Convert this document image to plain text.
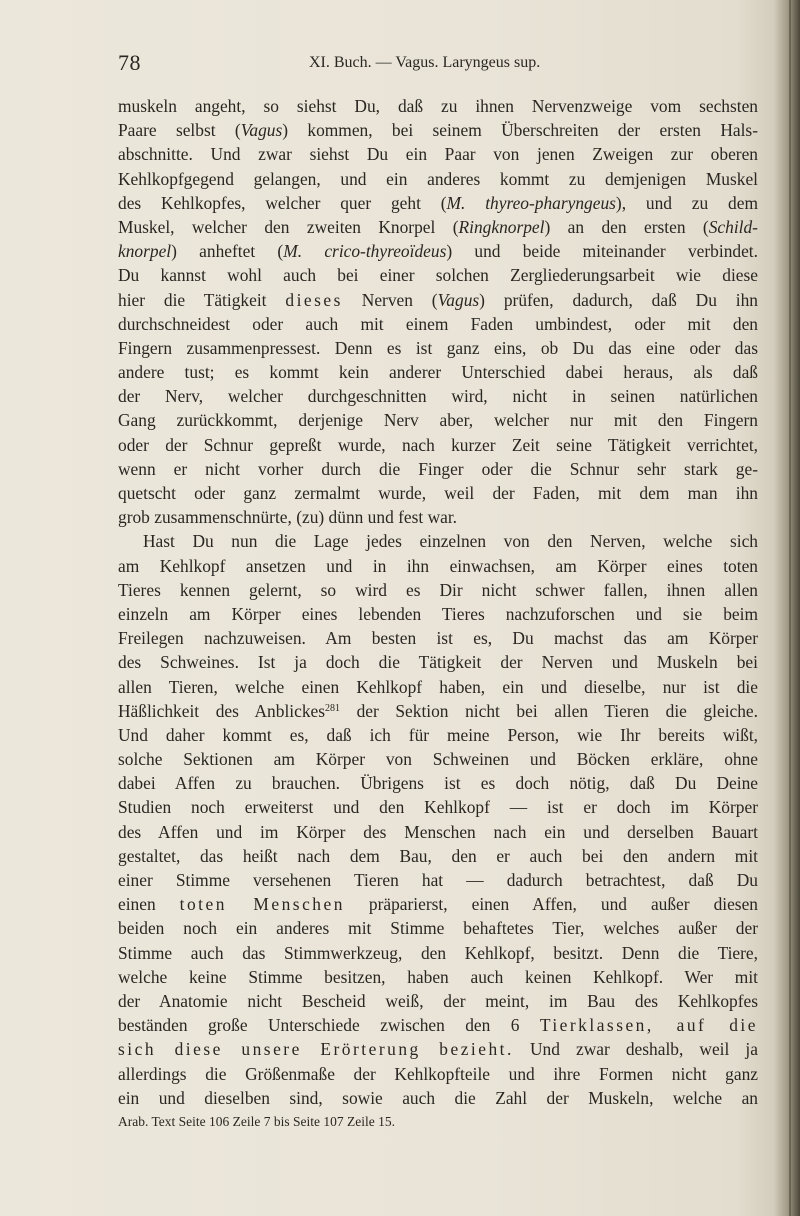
78	XI. Buch. — Vagus. Laryngeus sup.
muskeln angeht, so siehst Du, daß zu ihnen Nervenzweige vom sechsten
Paare selbst (Vagus) kommen, bei seinem Überschreiten der ersten Hals-
abschnitte. Und zwar siehst Du ein Paar von jenen Zweigen zur oberen
Kehlkopfgegend gelangen, und ein anderes kommt zu demjenigen Muskel
des Kehlkopfes, welcher quer geht (M. thyreo-pharyngeus), und zu dem
Muskel, welcher den zweiten Knorpel (Ringknorpel) an den ersten (Schild-
knorpel) anheftet (M. crico-thyreoïdeus) und beide miteinander verbindet.
Du kannst wohl auch bei einer solchen Zergliederungsarbeit wie diese
hier die Tätigkeit dieses Nerven (Vagus) prüfen, dadurch, daß Du ihn
durchschneidest oder auch mit einem Faden umbindest, oder mit den
Fingern zusammenpressest. Denn es ist ganz eins, ob Du das eine oder das
andere tust; es kommt kein anderer Unterschied dabei heraus, als daß
der Nerv, welcher durchgeschnitten wird, nicht in seinen natürlichen
Gang zurückkommt, derjenige Nerv aber, welcher nur mit den Fingern
oder der Schnur gepreßt wurde, nach kurzer Zeit seine Tätigkeit verrichtet,
wenn er nicht vorher durch die Finger oder die Schnur sehr stark ge-
quetscht oder ganz zermalmt wurde, weil der Faden, mit dem man ihn
grob zusammenschnürte, (zu) dünn und fest war.
Hast Du nun die Lage jedes einzelnen von den Nerven, welche sich
am Kehlkopf ansetzen und in ihn einwachsen, am Körper eines toten
Tieres kennen gelernt, so wird es Dir nicht schwer fallen, ihnen allen
einzeln am Körper eines lebenden Tieres nachzuforschen und sie beim
Freilegen nachzuweisen. Am besten ist es, Du machst das am Körper
des Schweines. Ist ja doch die Tätigkeit der Nerven und Muskeln bei
allen Tieren, welche einen Kehlkopf haben, ein und dieselbe, nur ist die
Häßlichkeit des Anblickes$^{281}$ der Sektion nicht bei allen Tieren die gleiche.
Und daher kommt es, daß ich für meine Person, wie Ihr bereits wißt,
solche Sektionen am Körper von Schweinen und Böcken erkläre, ohne
dabei Affen zu brauchen. Übrigens ist es doch nötig, daß Du Deine
Studien noch erweiterst und den Kehlkopf — ist er doch im Körper
des Affen und im Körper des Menschen nach ein und derselben Bauart
gestaltet, das heißt nach dem Bau, den er auch bei den andern mit
einer Stimme versehenen Tieren hat — dadurch betrachtest, daß Du
einen toten Menschen präparierst, einen Affen, und außer diesen
beiden noch ein anderes mit Stimme behaftetes Tier, welches außer der
Stimme auch das Stimmwerkzeug, den Kehlkopf, besitzt. Denn die Tiere,
welche keine Stimme besitzen, haben auch keinen Kehlkopf. Wer mit
der Anatomie nicht Bescheid weiß, der meint, im Bau des Kehlkopfes
beständen große Unterschiede zwischen den 6 Tierklassen, auf die
sich diese unsere Erörterung bezieht. Und zwar deshalb, weil ja
allerdings die Größenmaße der Kehlkopfteile und ihre Formen nicht ganz
ein und dieselben sind, sowie auch die Zahl der Muskeln, welche an
Arab. Text Seite 106 Zeile 7 bis Seite 107 Zeile 15.
